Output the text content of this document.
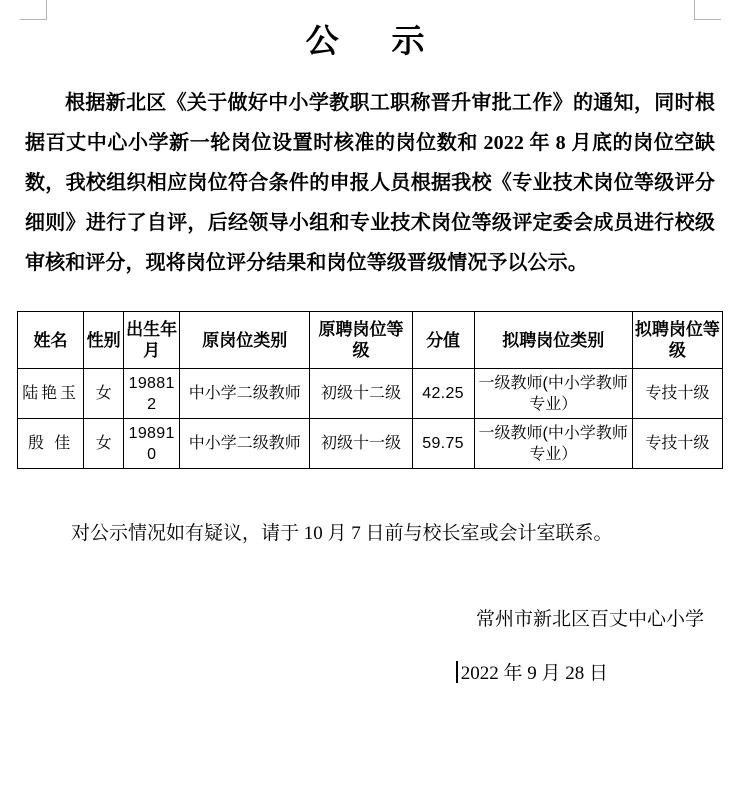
公　示

根据新北区《关于做好中小学教职工职称晋升审批工作》的通知，同时根据百丈中心小学新一轮岗位设置时核准的岗位数和 2022 年 8 月底的岗位空缺数，我校组织相应岗位符合条件的申报人员根据我校《专业技术岗位等级评分细则》进行了自评，后经领导小组和专业技术岗位等级评定委会成员进行校级审核和评分，现将岗位评分结果和岗位等级晋级情况予以公示。

姓名	性别	出生年月	原岗位类别	原聘岗位等级	分值	拟聘岗位类别	拟聘岗位等级
陆艳玉	女	198812	中小学二级教师	初级十二级	42.25	一级教师(中小学教师专业）	专技十级
殷 佳	女	198910	中小学二级教师	初级十一级	59.75	一级教师(中小学教师专业）	专技十级

对公示情况如有疑议，请于 10 月 7 日前与校长室或会计室联系。

常州市新北区百丈中心小学
2022 年 9 月 28 日
